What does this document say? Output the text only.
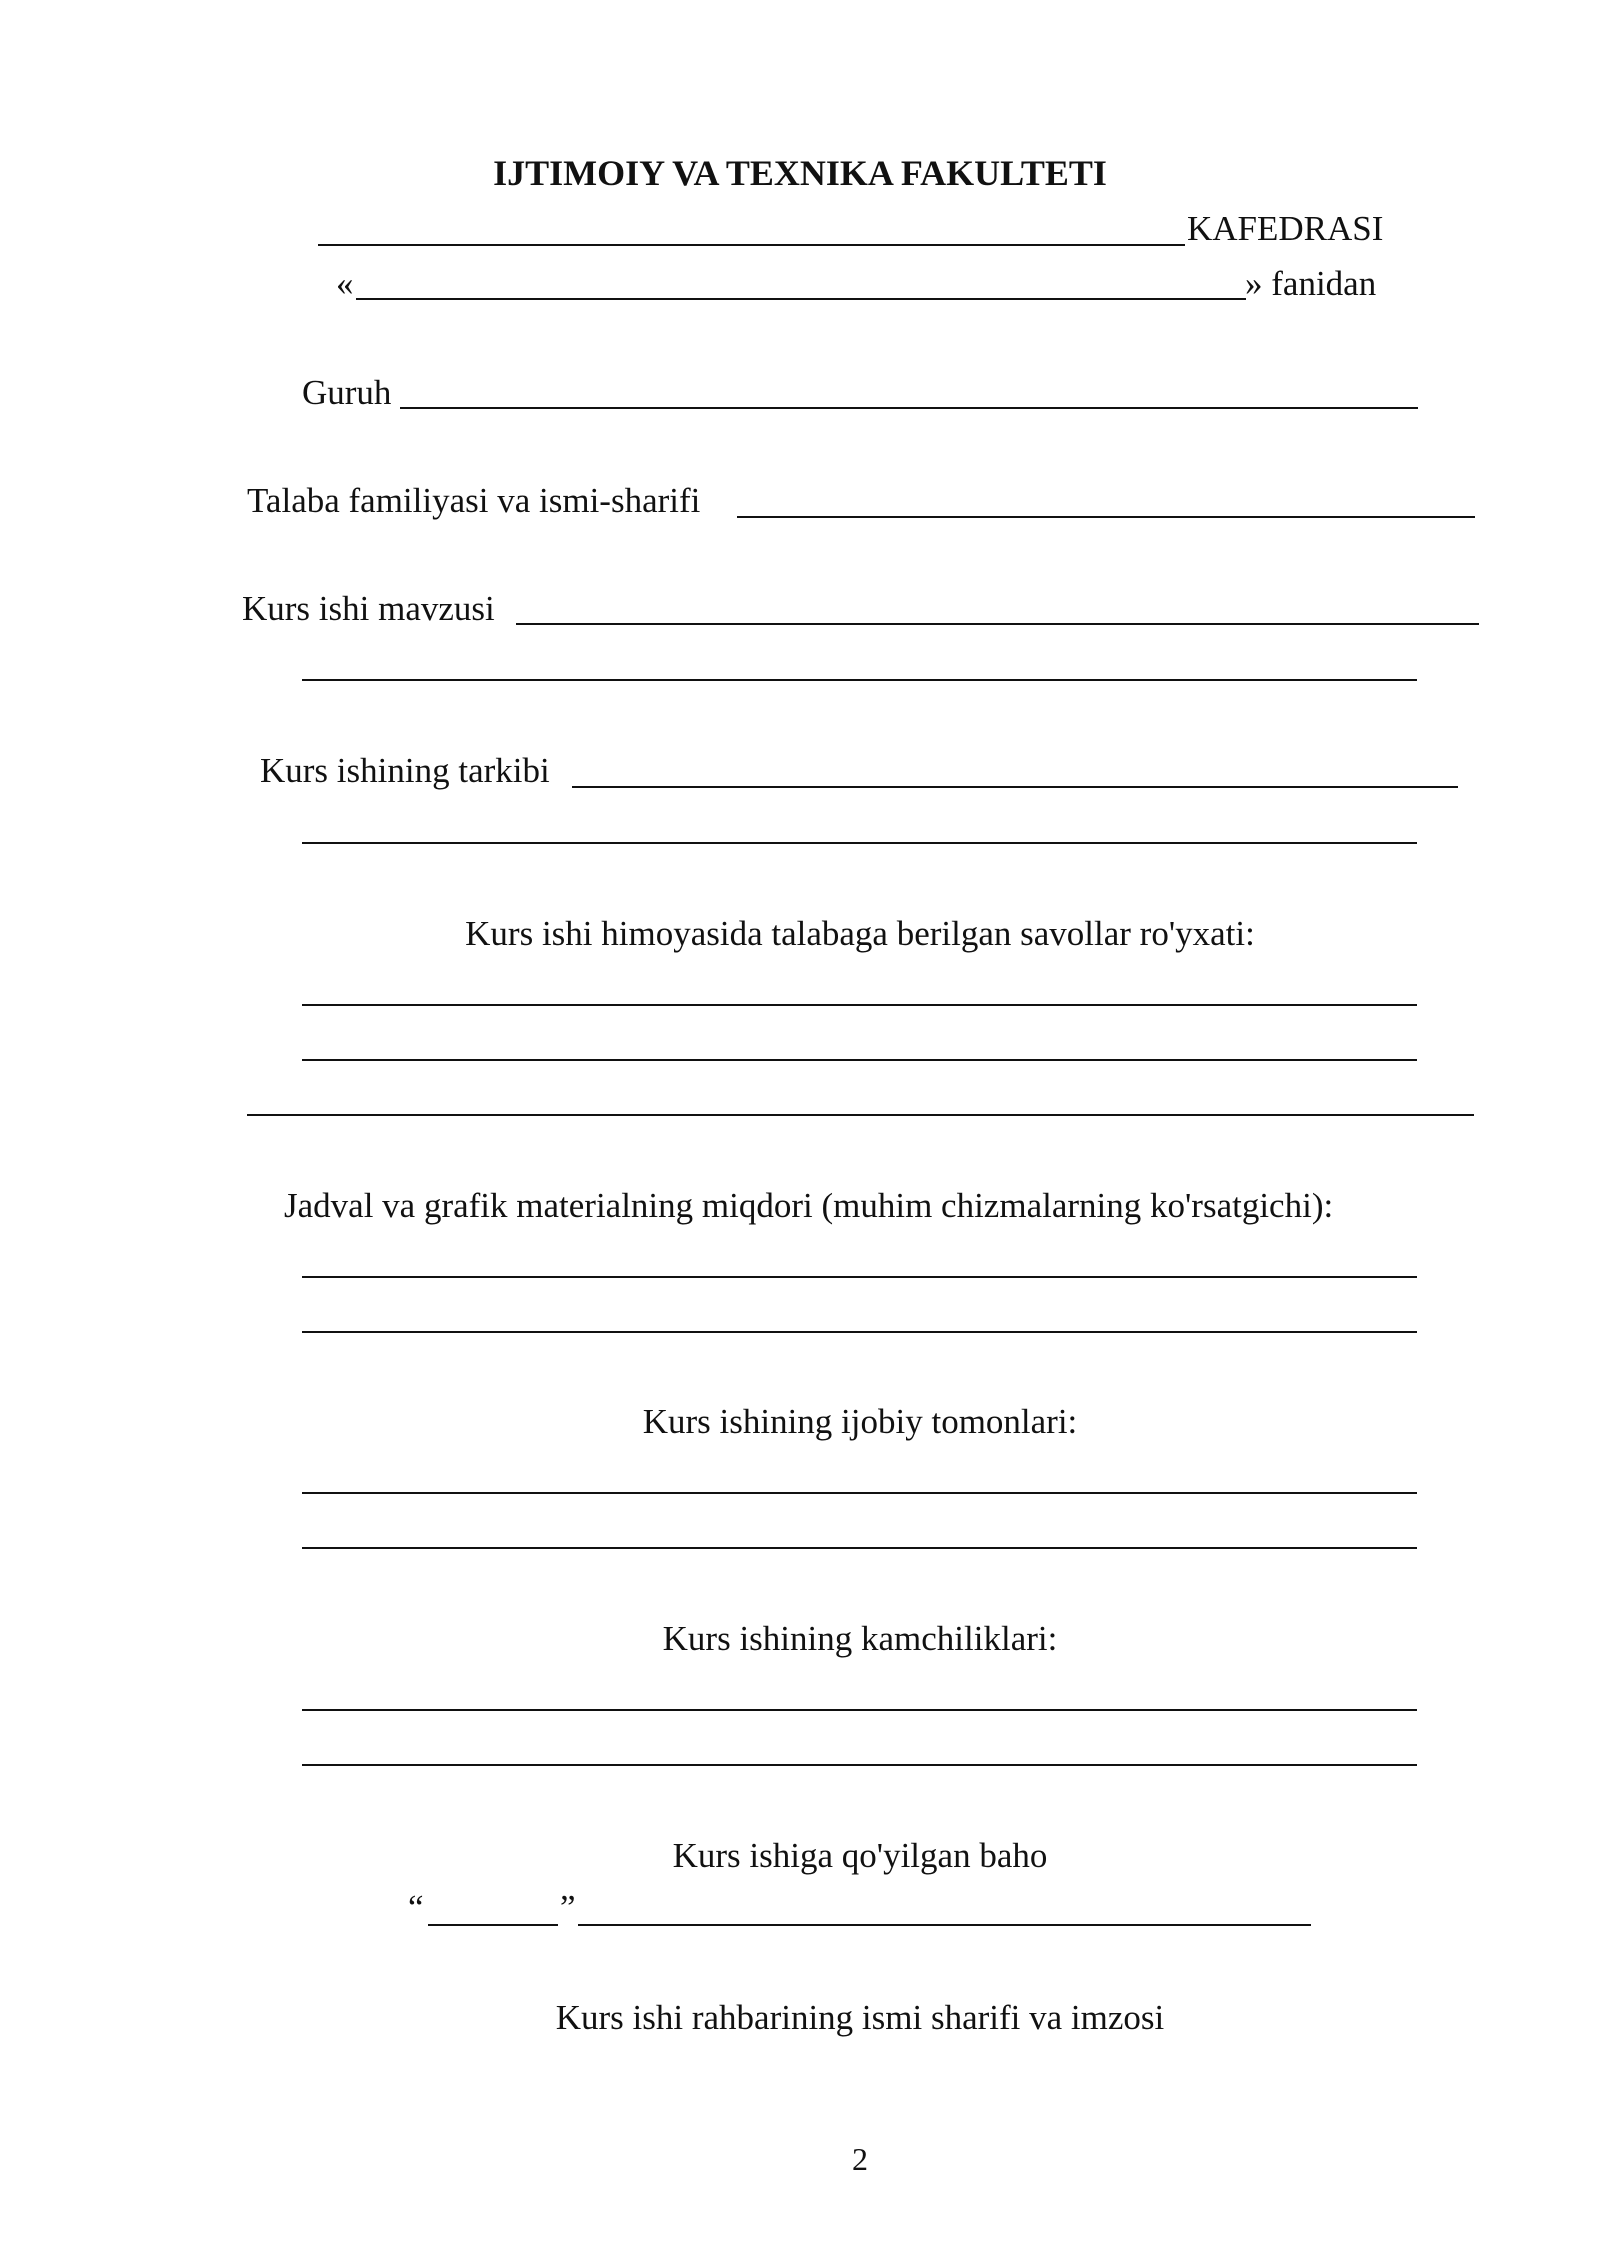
IJTIMOIY VA TEXNIKA FAKULTETI
KAFEDRASI
«	» fanidan
Guruh
Talaba familiyasi va ismi-sharifi
Kurs ishi mavzusi
Kurs ishining tarkibi
Kurs ishi himoyasida talabaga berilgan savollar ro'yxati:
Jadval va grafik materialning miqdori (muhim chizmalarning ko'rsatgichi):
Kurs ishining ijobiy tomonlari:
Kurs ishining kamchiliklari:
Kurs ishiga qo'yilgan baho
“	”
Kurs ishi rahbarining ismi sharifi va imzosi
2
